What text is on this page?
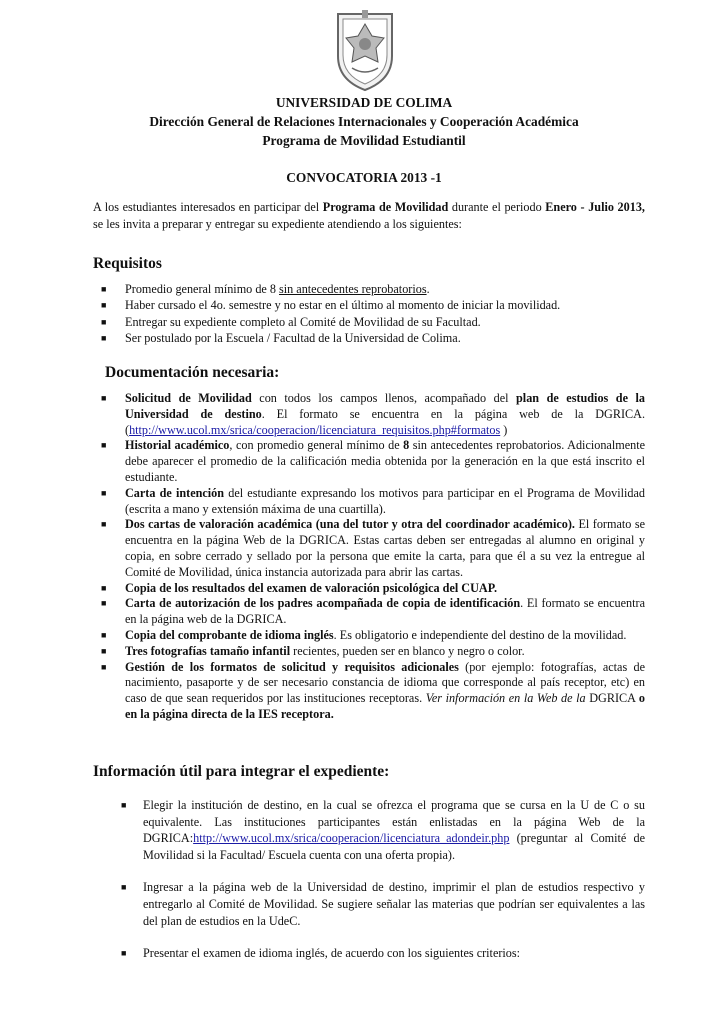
UNIVERSIDAD DE COLIMA
Dirección General de Relaciones Internacionales y Cooperación Académica
Programa de Movilidad Estudiantil
CONVOCATORIA 2013 -1
A los estudiantes interesados en participar del Programa de Movilidad durante el periodo Enero - Julio 2013, se les invita a preparar y entregar su expediente atendiendo a los siguientes:
Requisitos
■ Promedio general mínimo de 8 sin antecedentes reprobatorios.
■ Haber cursado el 4o. semestre y no estar en el último al momento de iniciar la movilidad.
■ Entregar su expediente completo al Comité de Movilidad de su Facultad.
■ Ser postulado por la Escuela / Facultad de la Universidad de Colima.
Documentación necesaria:
■ Solicitud de Movilidad con todos los campos llenos, acompañado del plan de estudios de la Universidad de destino. El formato se encuentra en la página web de la DGRICA. (http://www.ucol.mx/srica/cooperacion/licenciatura_requisitos.php#formatos )
■ Historial académico, con promedio general mínimo de 8 sin antecedentes reprobatorios. Adicionalmente debe aparecer el promedio de la calificación media obtenida por la generación en la que está inscrito el estudiante.
■ Carta de intención del estudiante expresando los motivos para participar en el Programa de Movilidad (escrita a mano y extensión máxima de una cuartilla).
■ Dos cartas de valoración académica (una del tutor y otra del coordinador académico). El formato se encuentra en la página Web de la DGRICA. Estas cartas deben ser entregadas al alumno en original y copia, en sobre cerrado y sellado por la persona que emite la carta, para que él a su vez la entregue al Comité de Movilidad, única instancia autorizada para abrir las cartas.
■ Copia de los resultados del examen de valoración psicológica del CUAP.
■ Carta de autorización de los padres acompañada de copia de identificación. El formato se encuentra en la página web de la DGRICA.
■ Copia del comprobante de idioma inglés. Es obligatorio e independiente del destino de la movilidad.
■ Tres fotografías tamaño infantil recientes, pueden ser en blanco y negro o color.
■ Gestión de los formatos de solicitud y requisitos adicionales (por ejemplo: fotografías, actas de nacimiento, pasaporte y de ser necesario constancia de idioma que corresponde al país receptor, etc) en caso de que sean requeridos por las instituciones receptoras. Ver información en la Web de la DGRICA o en la página directa de la IES receptora.
Información útil para integrar el expediente:
■ Elegir la institución de destino, en la cual se ofrezca el programa que se cursa en la U de C o su equivalente. Las instituciones participantes están enlistadas en la página Web de la DGRICA:http://www.ucol.mx/srica/cooperacion/licenciatura_adondeir.php (preguntar al Comité de Movilidad si la Facultad/ Escuela cuenta con una oferta propia).
■ Ingresar a la página web de la Universidad de destino, imprimir el plan de estudios respectivo y entregarlo al Comité de Movilidad. Se sugiere señalar las materias que podrían ser equivalentes a las del plan de estudios en la UdeC.
■ Presentar el examen de idioma inglés, de acuerdo con los siguientes criterios:
